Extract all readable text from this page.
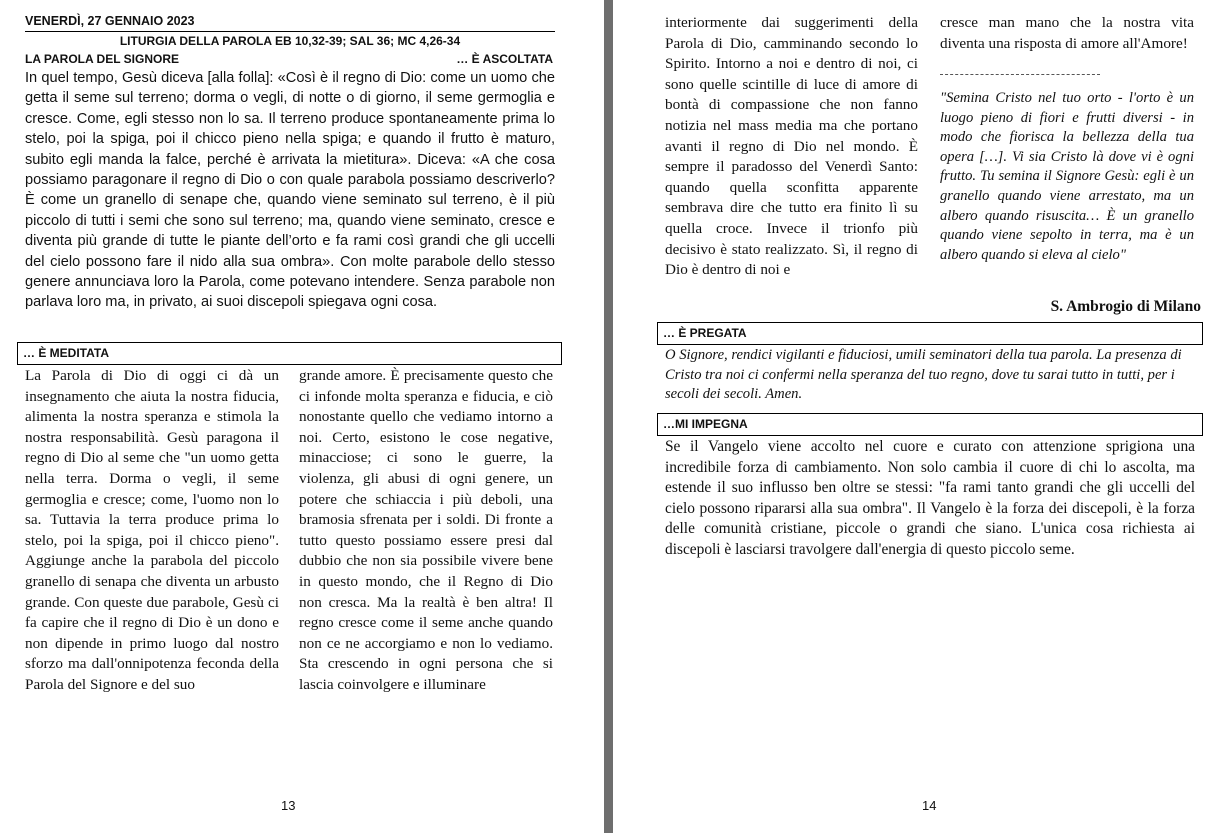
VENERDÌ, 27 GENNAIO 2023
LITURGIA DELLA PAROLA EB 10,32-39; SAL 36; MC 4,26-34
LA PAROLA DEL SIGNORE	… È ASCOLTATA

In quel tempo, Gesù diceva [alla folla]: «Così è il regno di Dio: come un uomo che getta il seme sul terreno; dorma o vegli, di notte o di giorno, il seme germoglia e cresce. Come, egli stesso non lo sa. Il terreno produce spontaneamente prima lo stelo, poi la spiga, poi il chicco pieno nella spiga; e quando il frutto è maturo, subito egli manda la falce, perché è arrivata la mietitura». Diceva: «A che cosa possiamo paragonare il regno di Dio o con quale parabola possiamo descriverlo? È come un granello di senape che, quando viene seminato sul terreno, è il più piccolo di tutti i semi che sono sul terreno; ma, quando viene seminato, cresce e diventa più grande di tutte le piante dell’orto e fa rami così grandi che gli uccelli del cielo possono fare il nido alla sua ombra». Con molte parabole dello stesso genere annunciava loro la Parola, come potevano intendere. Senza parabole non parlava loro ma, in privato, ai suoi discepoli spiegava ogni cosa.

… È MEDITATA

La Parola di Dio di oggi ci dà un insegnamento che aiuta la nostra fiducia, alimenta la nostra speranza e stimola la nostra responsabilità. Gesù paragona il regno di Dio al seme che "un uomo getta nella terra. Dorma o vegli, il seme germoglia e cresce; come, l'uomo non lo sa. Tuttavia la terra produce prima lo stelo, poi la spiga, poi il chicco pieno". Aggiunge anche la parabola del piccolo granello di senapa che diventa un arbusto grande. Con queste due parabole, Gesù ci fa capire che il regno di Dio è un dono e non dipende in primo luogo dal nostro sforzo ma dall'onnipotenza feconda della Parola del Signore e del suo

grande amore. È precisamente questo che ci infonde molta speranza e fiducia, e ciò nonostante quello che vediamo intorno a noi. Certo, esistono le cose negative, minacciose; ci sono le guerre, la violenza, gli abusi di ogni genere, un potere che schiaccia i più deboli, una bramosia sfrenata per i soldi. Di fronte a tutto questo possiamo essere presi dal dubbio che non sia possibile vivere bene in questo mondo, che il Regno di Dio non cresca. Ma la realtà è ben altra! Il regno cresce come il seme anche quando non ce ne accorgiamo e non lo vediamo. Sta crescendo in ogni persona che si lascia coinvolgere e illuminare

13

interiormente dai suggerimenti della Parola di Dio, camminando secondo lo Spirito. Intorno a noi e dentro di noi, ci sono quelle scintille di luce di amore di bontà di compassione che non fanno notizia nel mass media ma che portano avanti il regno di Dio nel mondo. È sempre il paradosso del Venerdì Santo: quando quella sconfitta apparente sembrava dire che tutto era finito lì su quella croce. Invece il trionfo più decisivo è stato realizzato. Sì, il regno di Dio è dentro di noi e

cresce man mano che la nostra vita diventa una risposta di amore all'Amore!

"Semina Cristo nel tuo orto - l'orto è un luogo pieno di fiori e frutti diversi - in modo che fiorisca la bellezza della tua opera […]. Vi sia Cristo là dove vi è ogni frutto. Tu semina il Signore Gesù: egli è un granello quando viene arrestato, ma un albero quando risuscita… È un granello quando viene sepolto in terra, ma è un albero quando si eleva al cielo"

S. Ambrogio di Milano
… È PREGATA

O Signore, rendici vigilanti e fiduciosi, umili seminatori della tua parola. La presenza di Cristo tra noi ci confermi nella speranza del tuo regno, dove tu sarai tutto in tutti, per i secoli dei secoli. Amen.

…MI IMPEGNA

Se il Vangelo viene accolto nel cuore e curato con attenzione sprigiona una incredibile forza di cambiamento. Non solo cambia il cuore di chi lo ascolta, ma estende il suo influsso ben oltre se stessi: "fa rami tanto grandi che gli uccelli del cielo possono ripararsi alla sua ombra". Il Vangelo è la forza dei discepoli, è la forza delle comunità cristiane, piccole o grandi che siano. L'unica cosa richiesta ai discepoli è lasciarsi travolgere dall'energia di questo piccolo seme.

14
